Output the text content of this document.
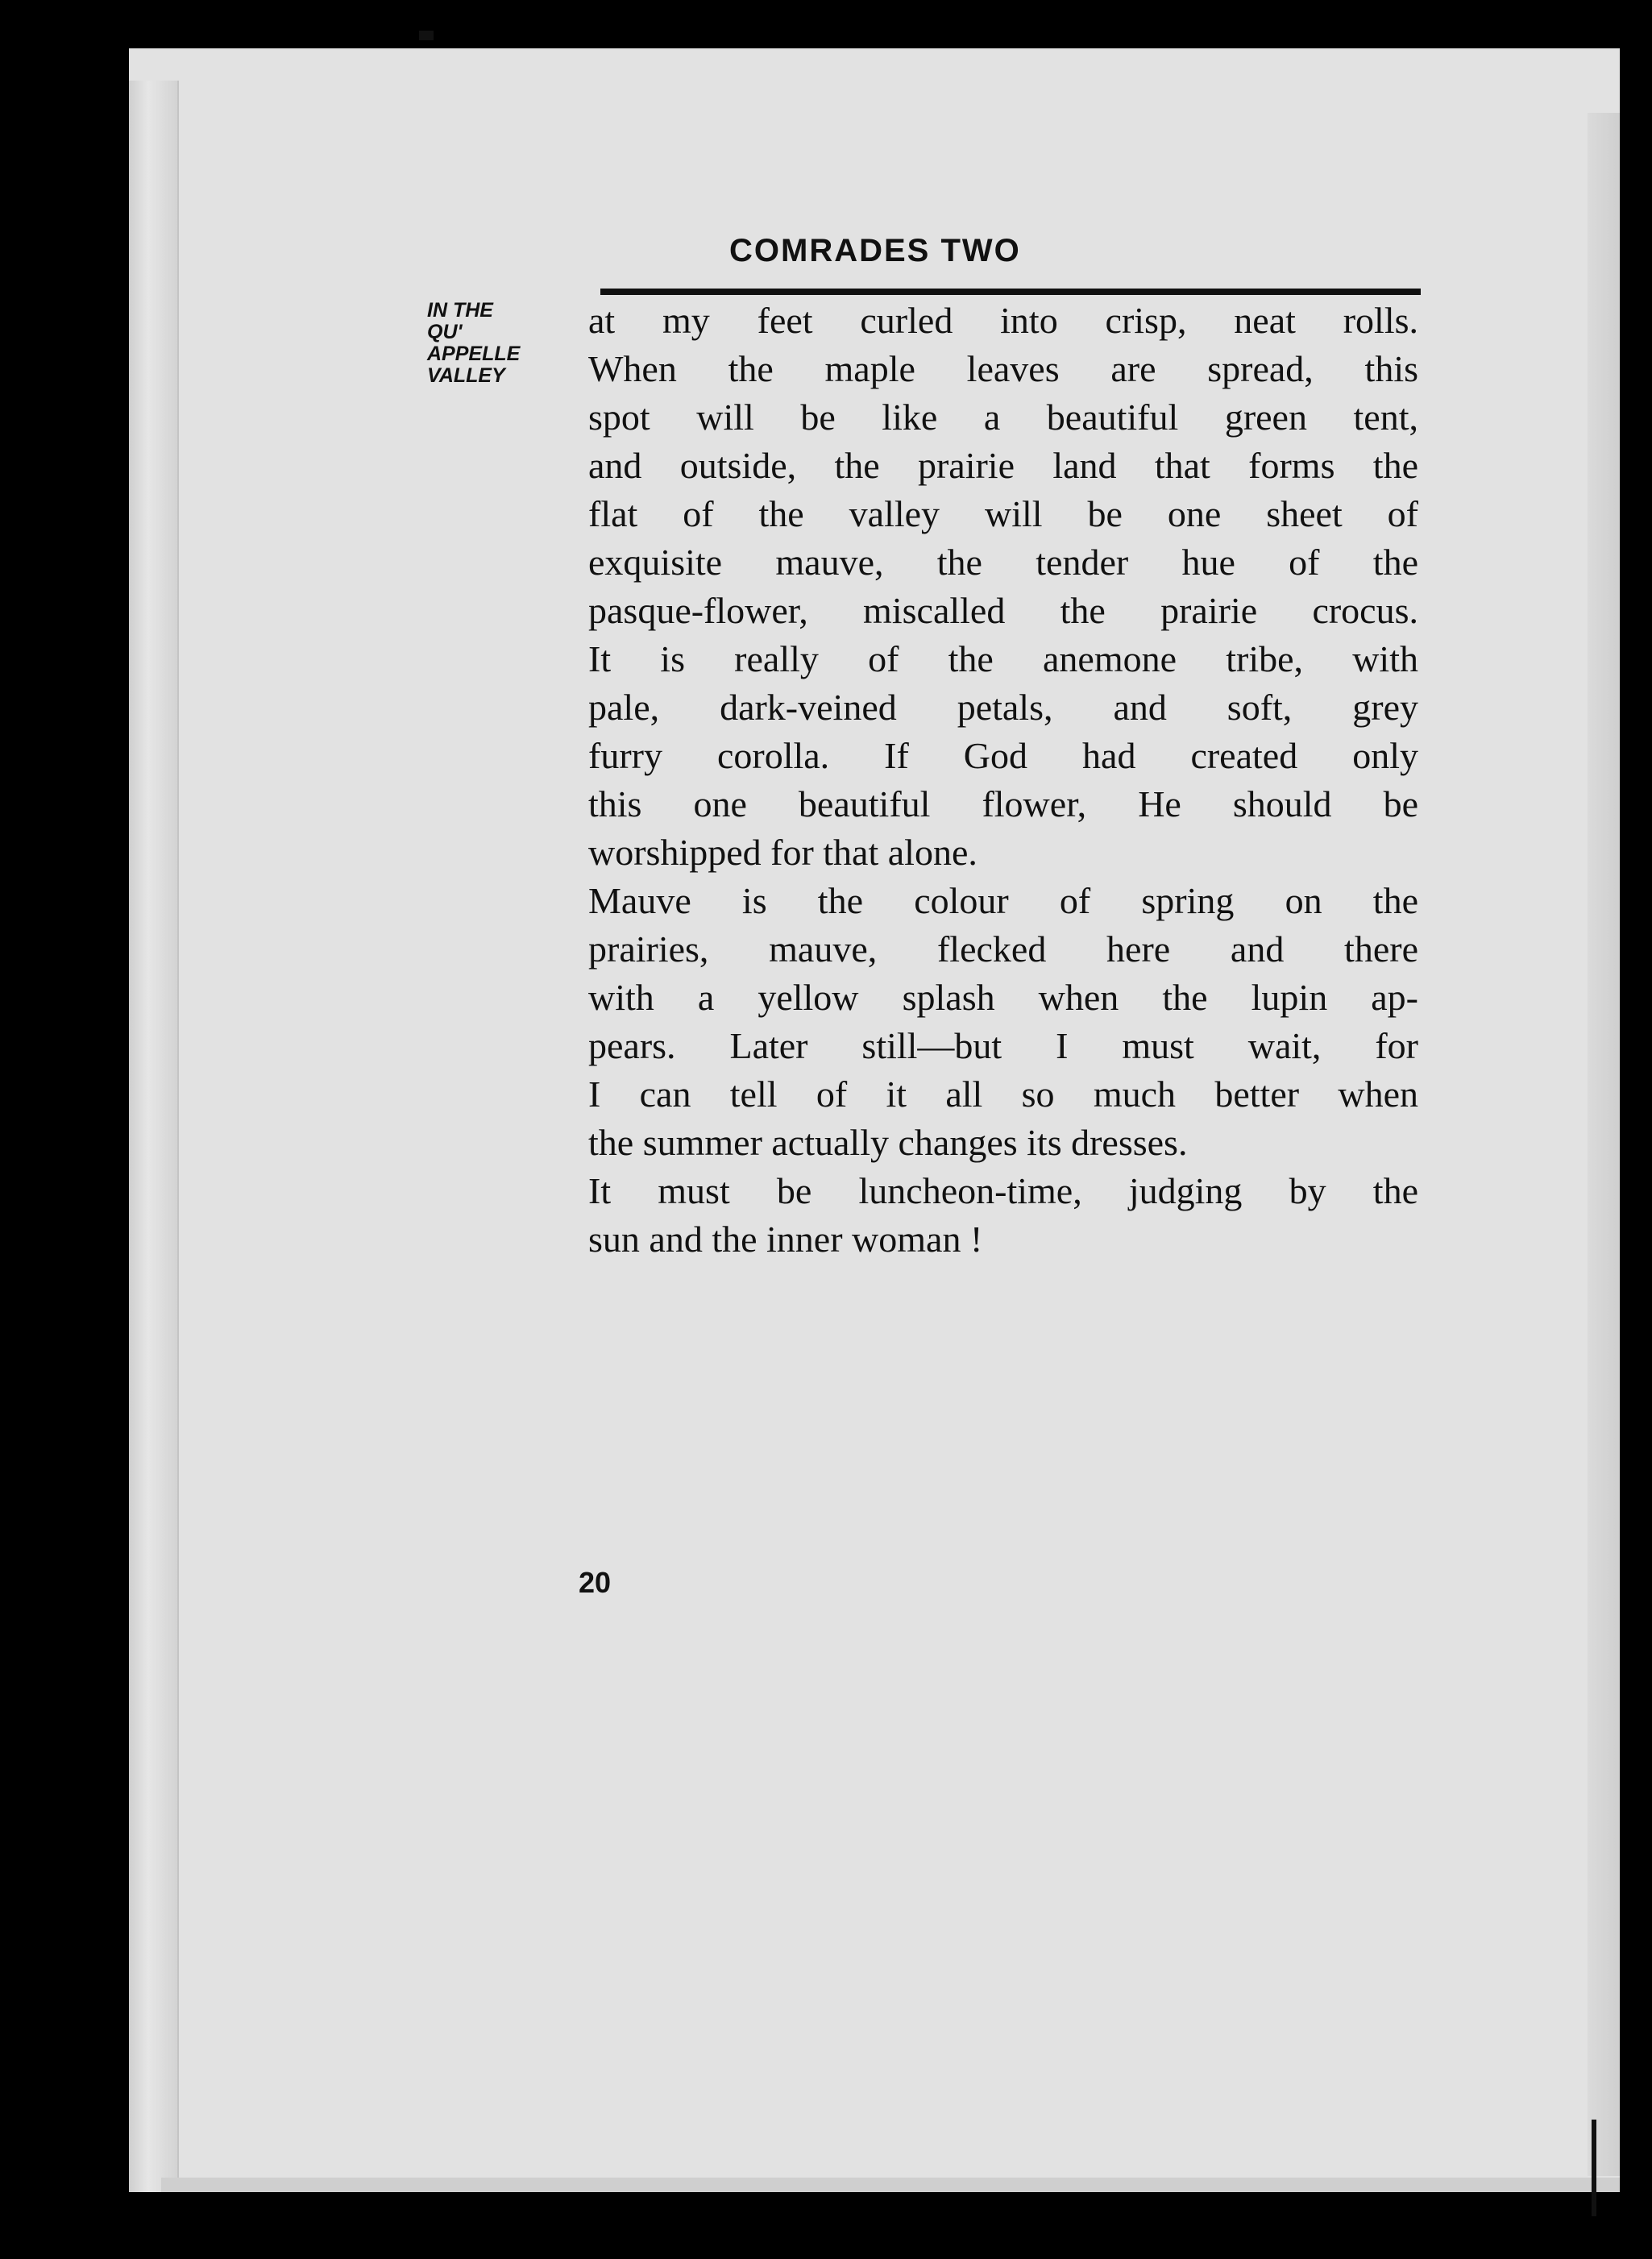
COMRADES TWO
IN THE
QU'
APPELLE
VALLEY
at my feet curled into crisp, neat rolls.
When the maple leaves are spread, this
spot will be like a beautiful green tent,
and outside, the prairie land that forms the
flat of the valley will be one sheet of
exquisite mauve, the tender hue of the
pasque-flower, miscalled the prairie crocus.
It is really of the anemone tribe, with
pale, dark-veined petals, and soft, grey
furry corolla. If God had created only
this one beautiful flower, He should be
worshipped for that alone.
Mauve is the colour of spring on the
prairies, mauve, flecked here and there
with a yellow splash when the lupin ap-
pears. Later still—but I must wait, for
I can tell of it all so much better when
the summer actually changes its dresses.
It must be luncheon-time, judging by the
sun and the inner woman !
20
